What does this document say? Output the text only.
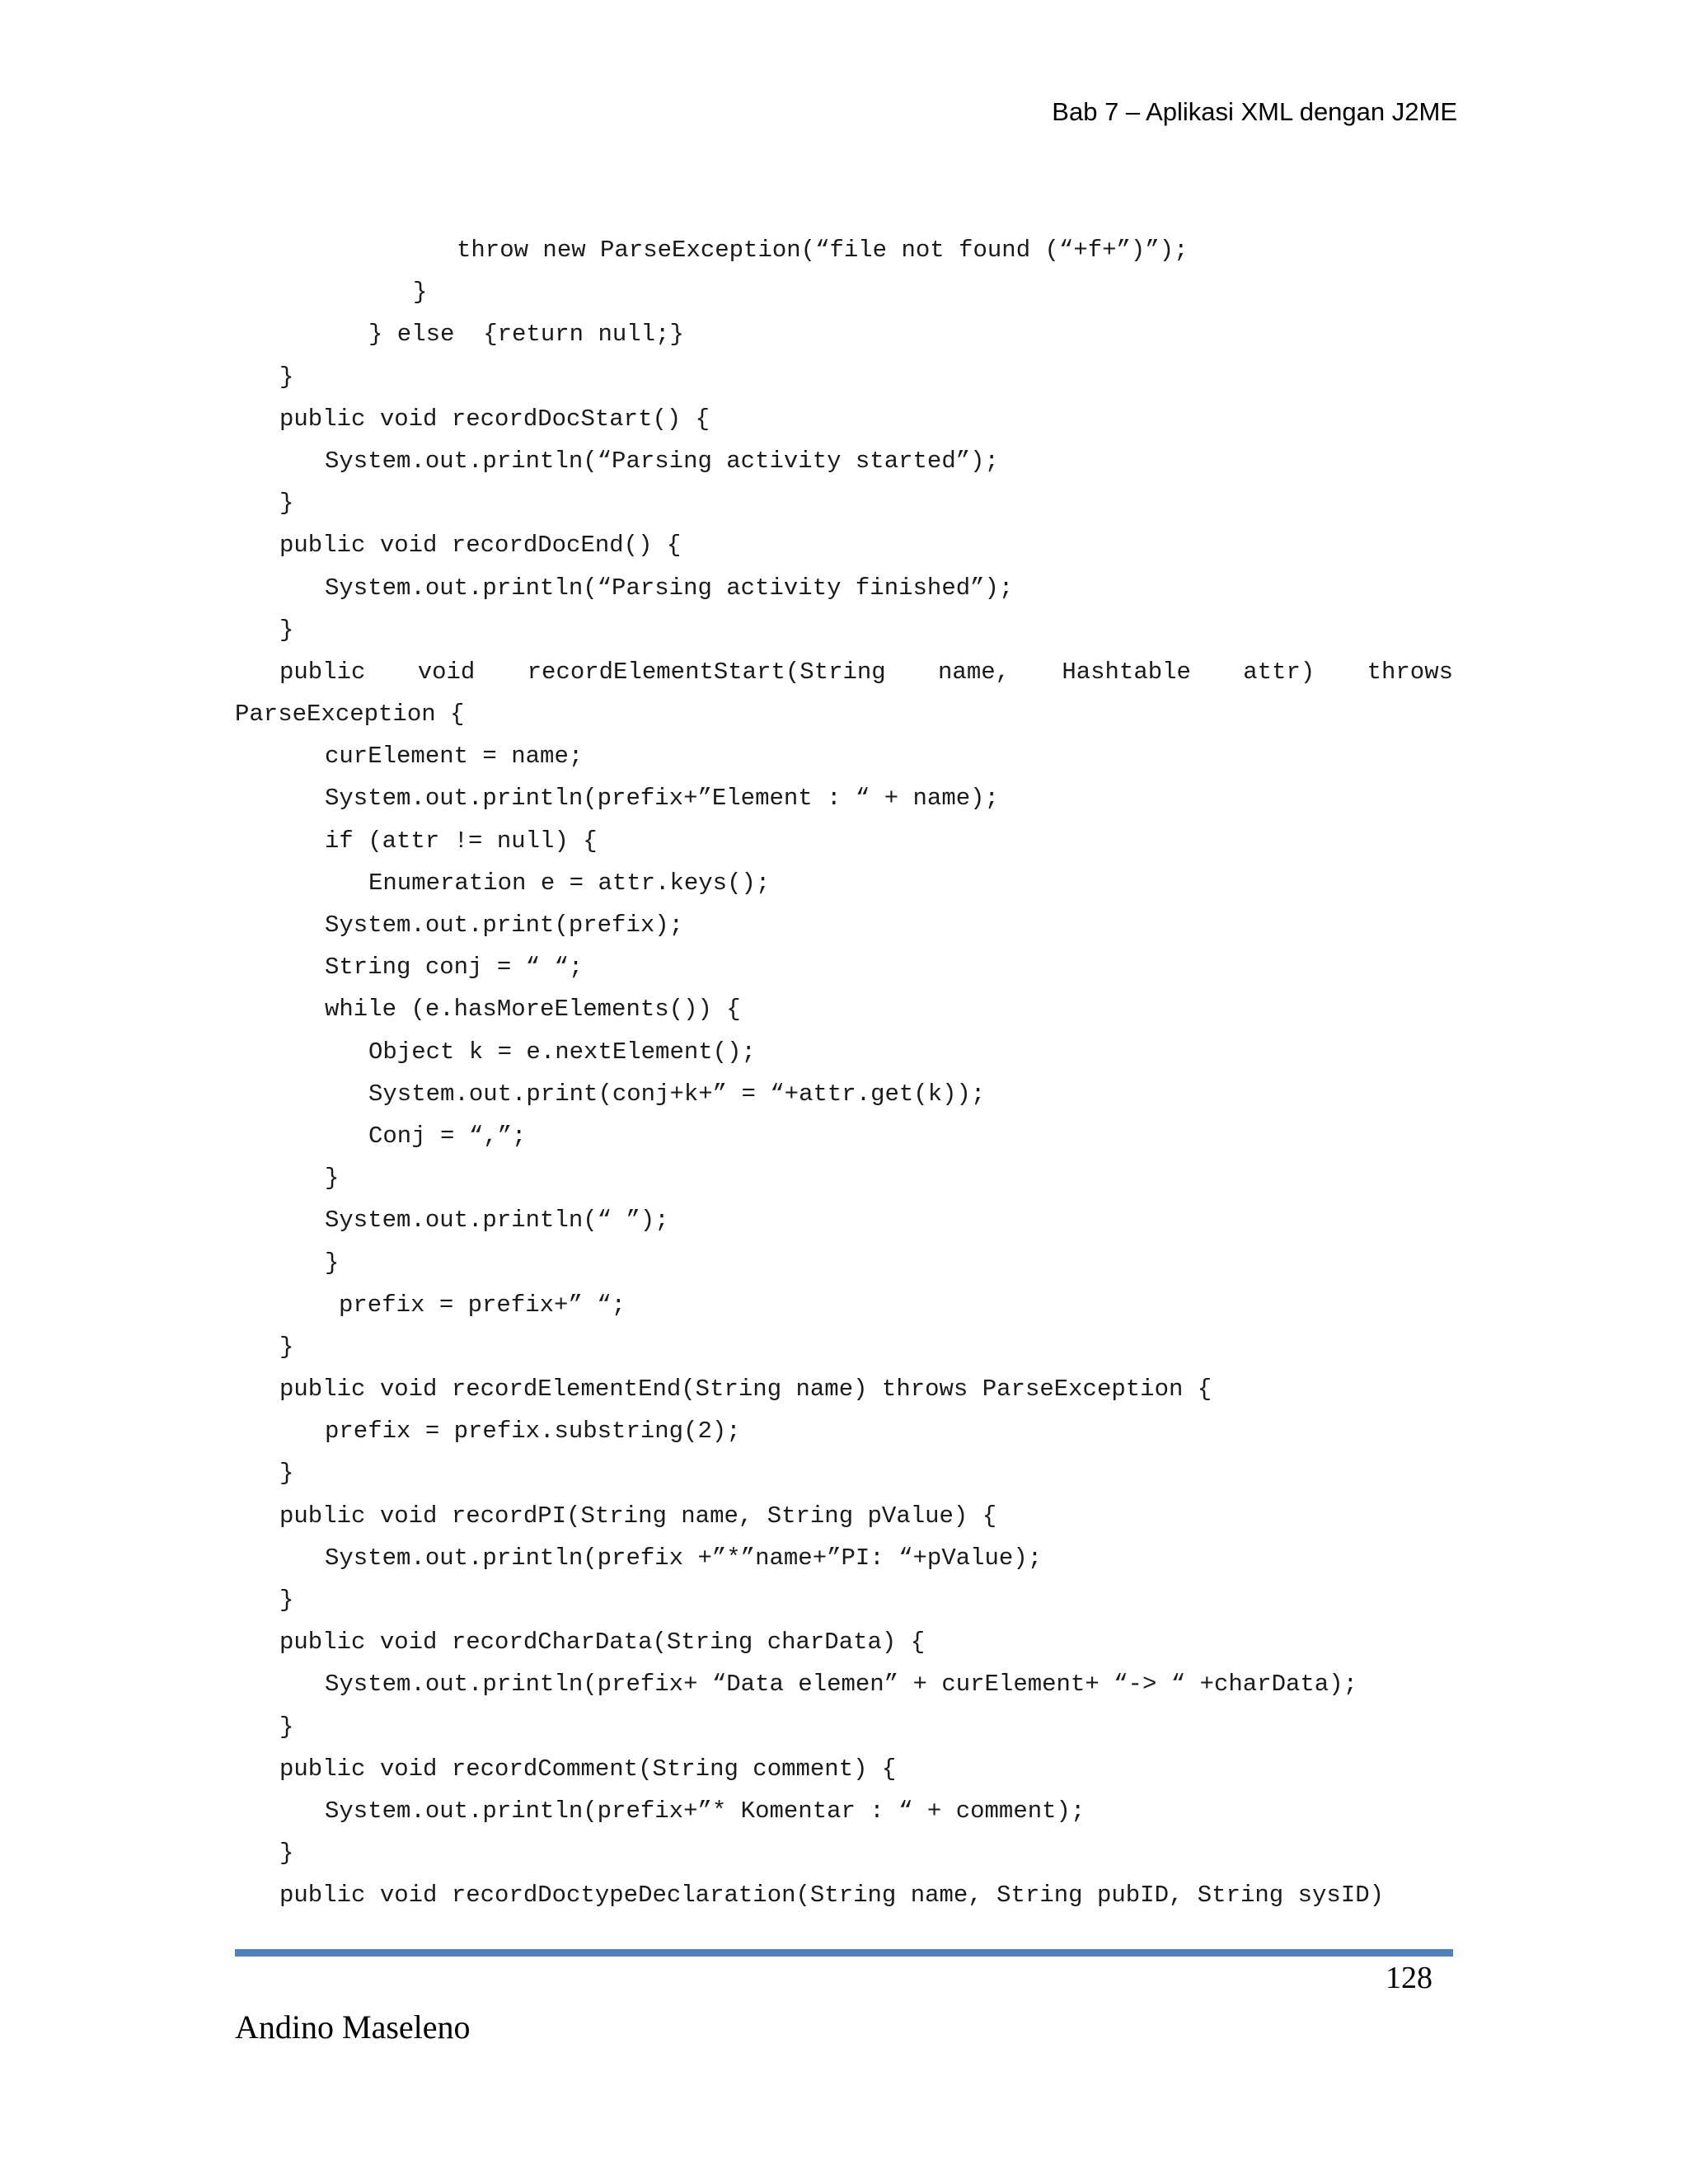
Bab 7 – Aplikasi XML dengan J2ME
throw new ParseException(“file not found (“+f+”)”);
}
} else  {return null;}
}
public void recordDocStart() {
System.out.println(“Parsing activity started”);
}
public void recordDocEnd() {
System.out.println(“Parsing activity finished”);
}
public void recordElementStart(String name, Hashtable attr) throws
ParseException {
curElement = name;
System.out.println(prefix+”Element : “ + name);
if (attr != null) {
Enumeration e = attr.keys();
System.out.print(prefix);
String conj = “ “;
while (e.hasMoreElements()) {
Object k = e.nextElement();
System.out.print(conj+k+” = “+attr.get(k));
Conj = “,”;
}
System.out.println(“ ”);
}
prefix = prefix+” “;
}
public void recordElementEnd(String name) throws ParseException {
prefix = prefix.substring(2);
}
public void recordPI(String name, String pValue) {
System.out.println(prefix +”*”name+”PI: “+pValue);
}
public void recordCharData(String charData) {
System.out.println(prefix+ “Data elemen” + curElement+ “-> “ +charData);
}
public void recordComment(String comment) {
System.out.println(prefix+”* Komentar : “ + comment);
}
public void recordDoctypeDeclaration(String name, String pubID, String sysID)
128
Andino Maseleno
